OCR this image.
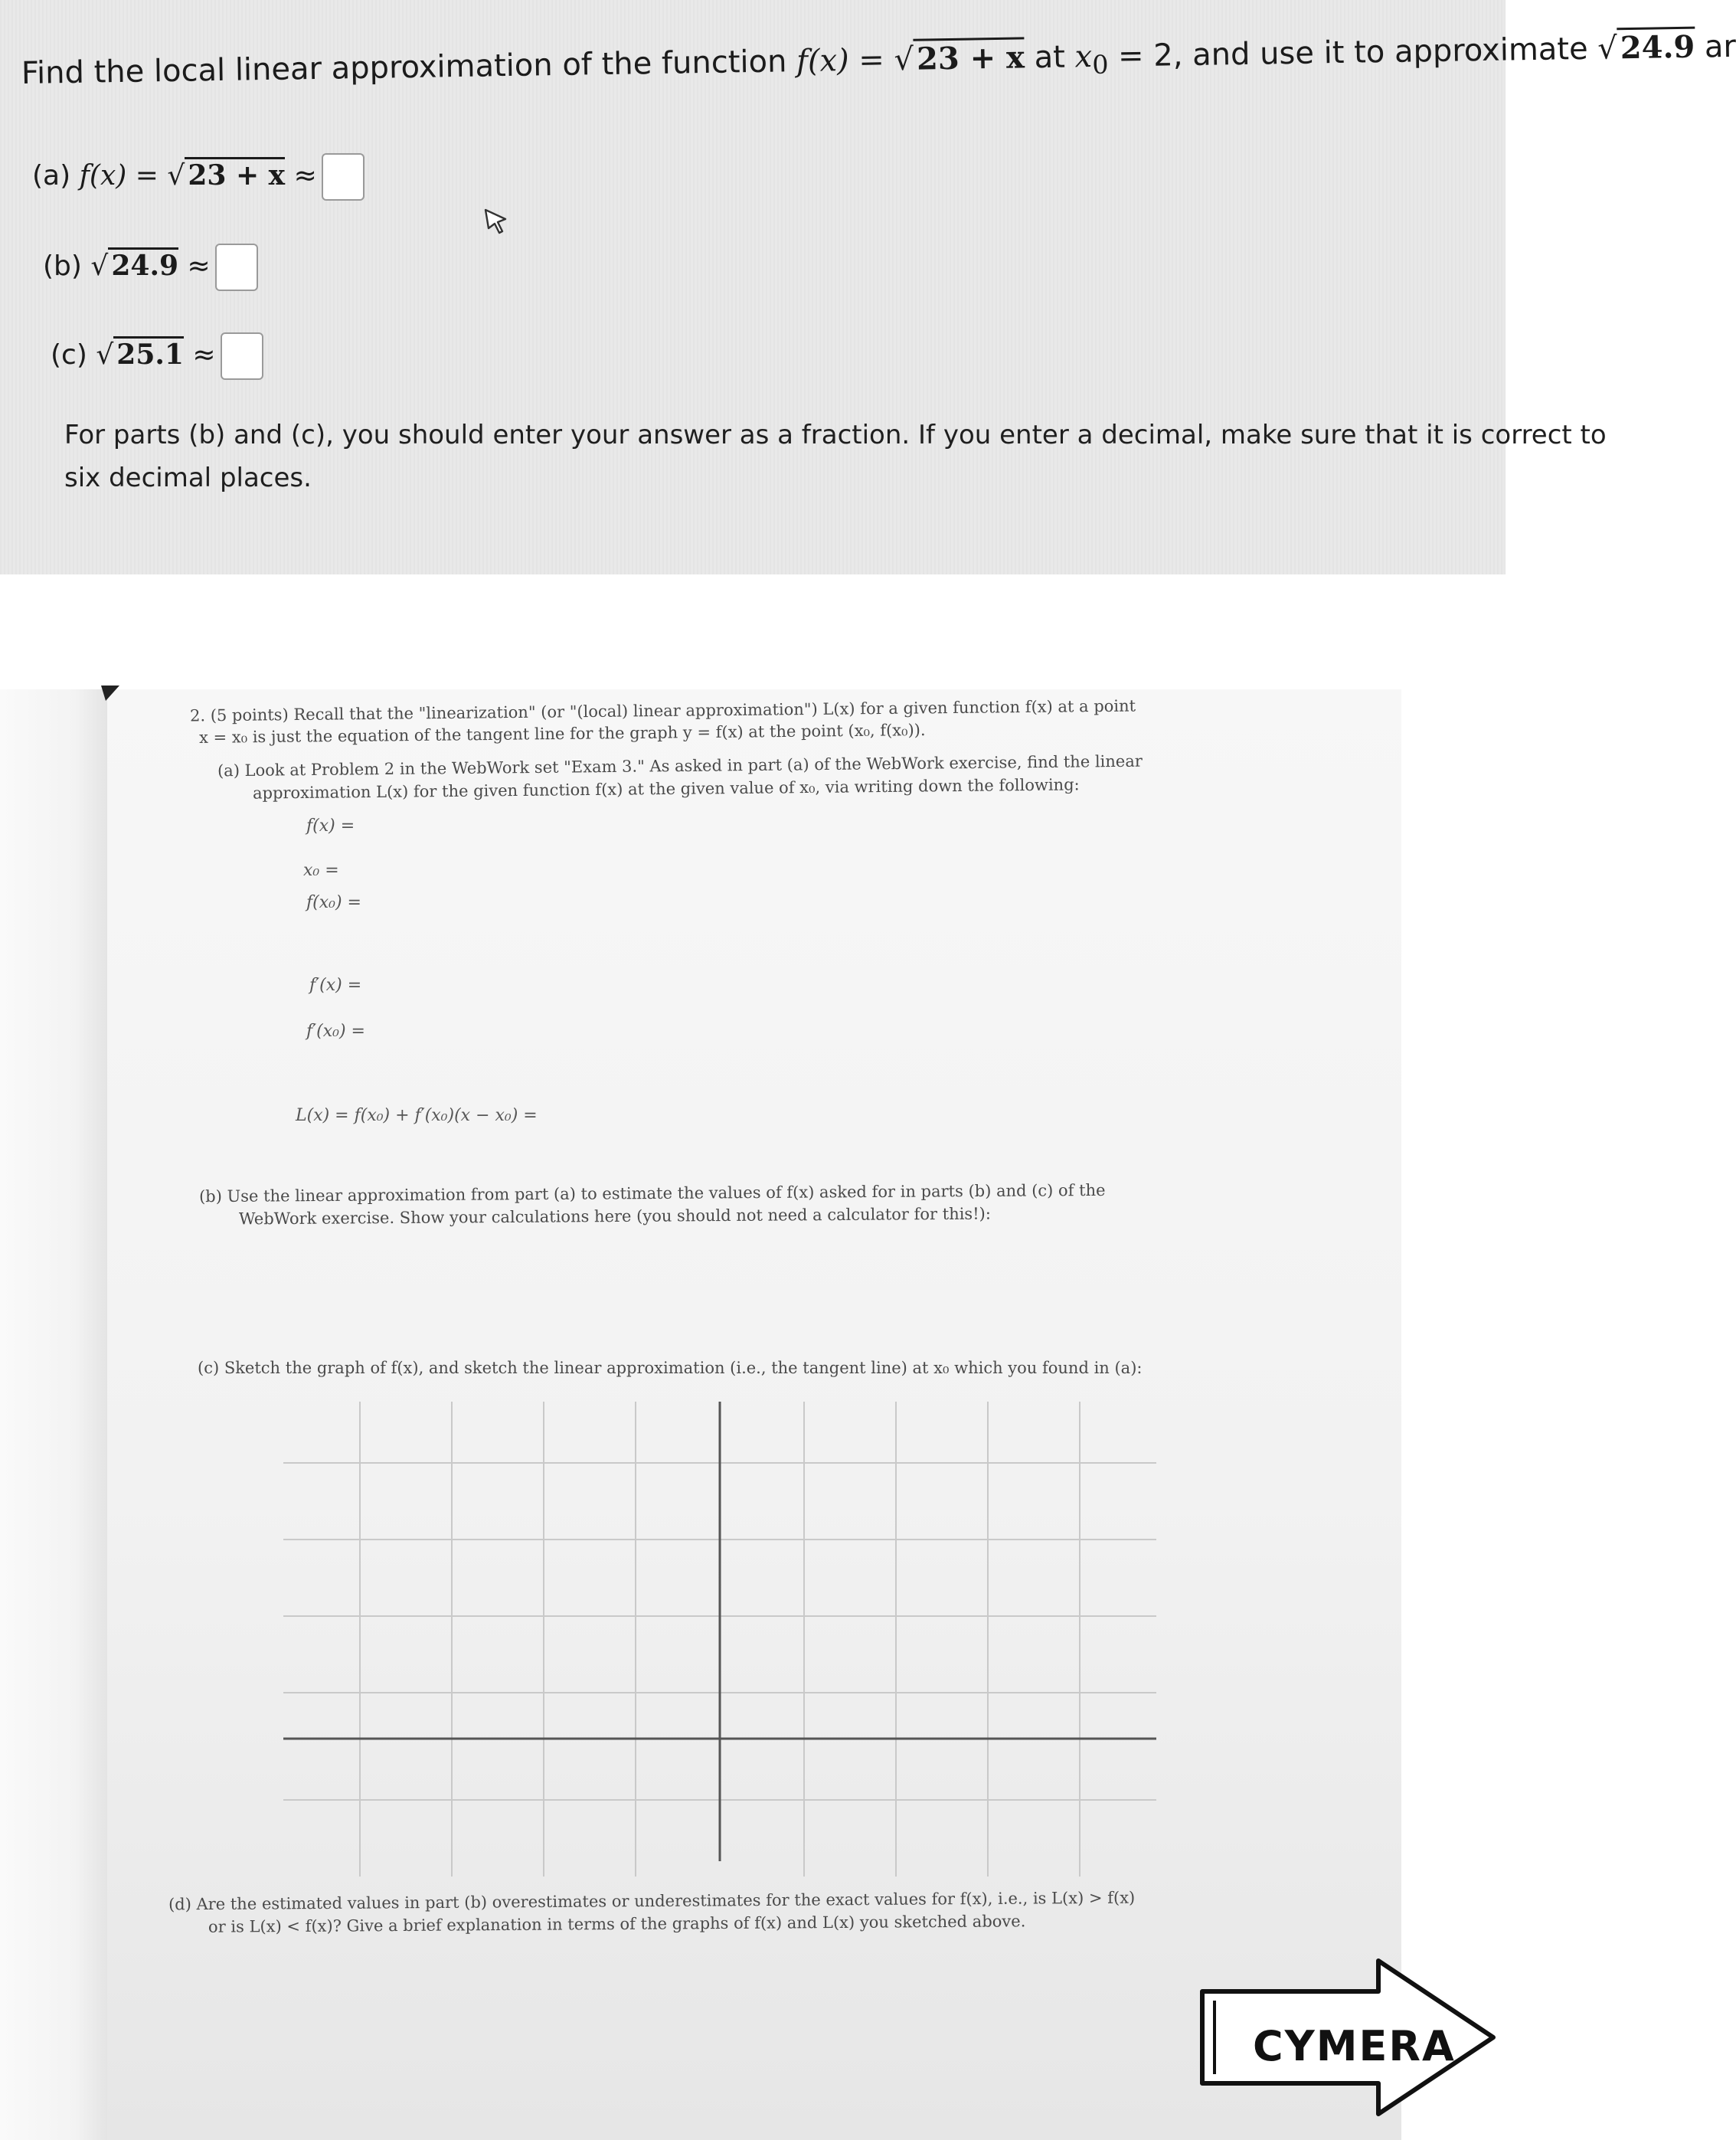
Find the local linear approximation of the function f(x) = √23 + x at $x_0 = 2$, and use it to approximate √24.9 ar
(a) f(x) = √ 23 + x ≈
(b) √ 24.9 ≈
(c) √ 25.1 ≈
For parts (b) and (c), you should enter your answer as a fraction. If you enter a decimal, make sure that it is correct to
six decimal places.
2. (5 points) Recall that the "linearization" (or "(local) linear approximation") L(x) for a given function f(x) at a point
x = x₀ is just the equation of the tangent line for the graph y = f(x) at the point (x₀, f(x₀)).
(a) Look at Problem 2 in the WebWork set "Exam 3." As asked in part (a) of the WebWork exercise, find the linear
approximation L(x) for the given function f(x) at the given value of x₀, via writing down the following:
f(x) =
x₀ =
f(x₀) =
f′(x) =
f′(x₀) =
L(x) = f(x₀) + f′(x₀)(x − x₀) =
(b) Use the linear approximation from part (a) to estimate the values of f(x) asked for in parts (b) and (c) of the
WebWork exercise. Show your calculations here (you should not need a calculator for this!):
(c) Sketch the graph of f(x), and sketch the linear approximation (i.e., the tangent line) at x₀ which you found in (a):
(d) Are the estimated values in part (b) overestimates or underestimates for the exact values for f(x), i.e., is L(x) > f(x)
or is L(x) < f(x)? Give a brief explanation in terms of the graphs of f(x) and L(x) you sketched above.
CYMERA
